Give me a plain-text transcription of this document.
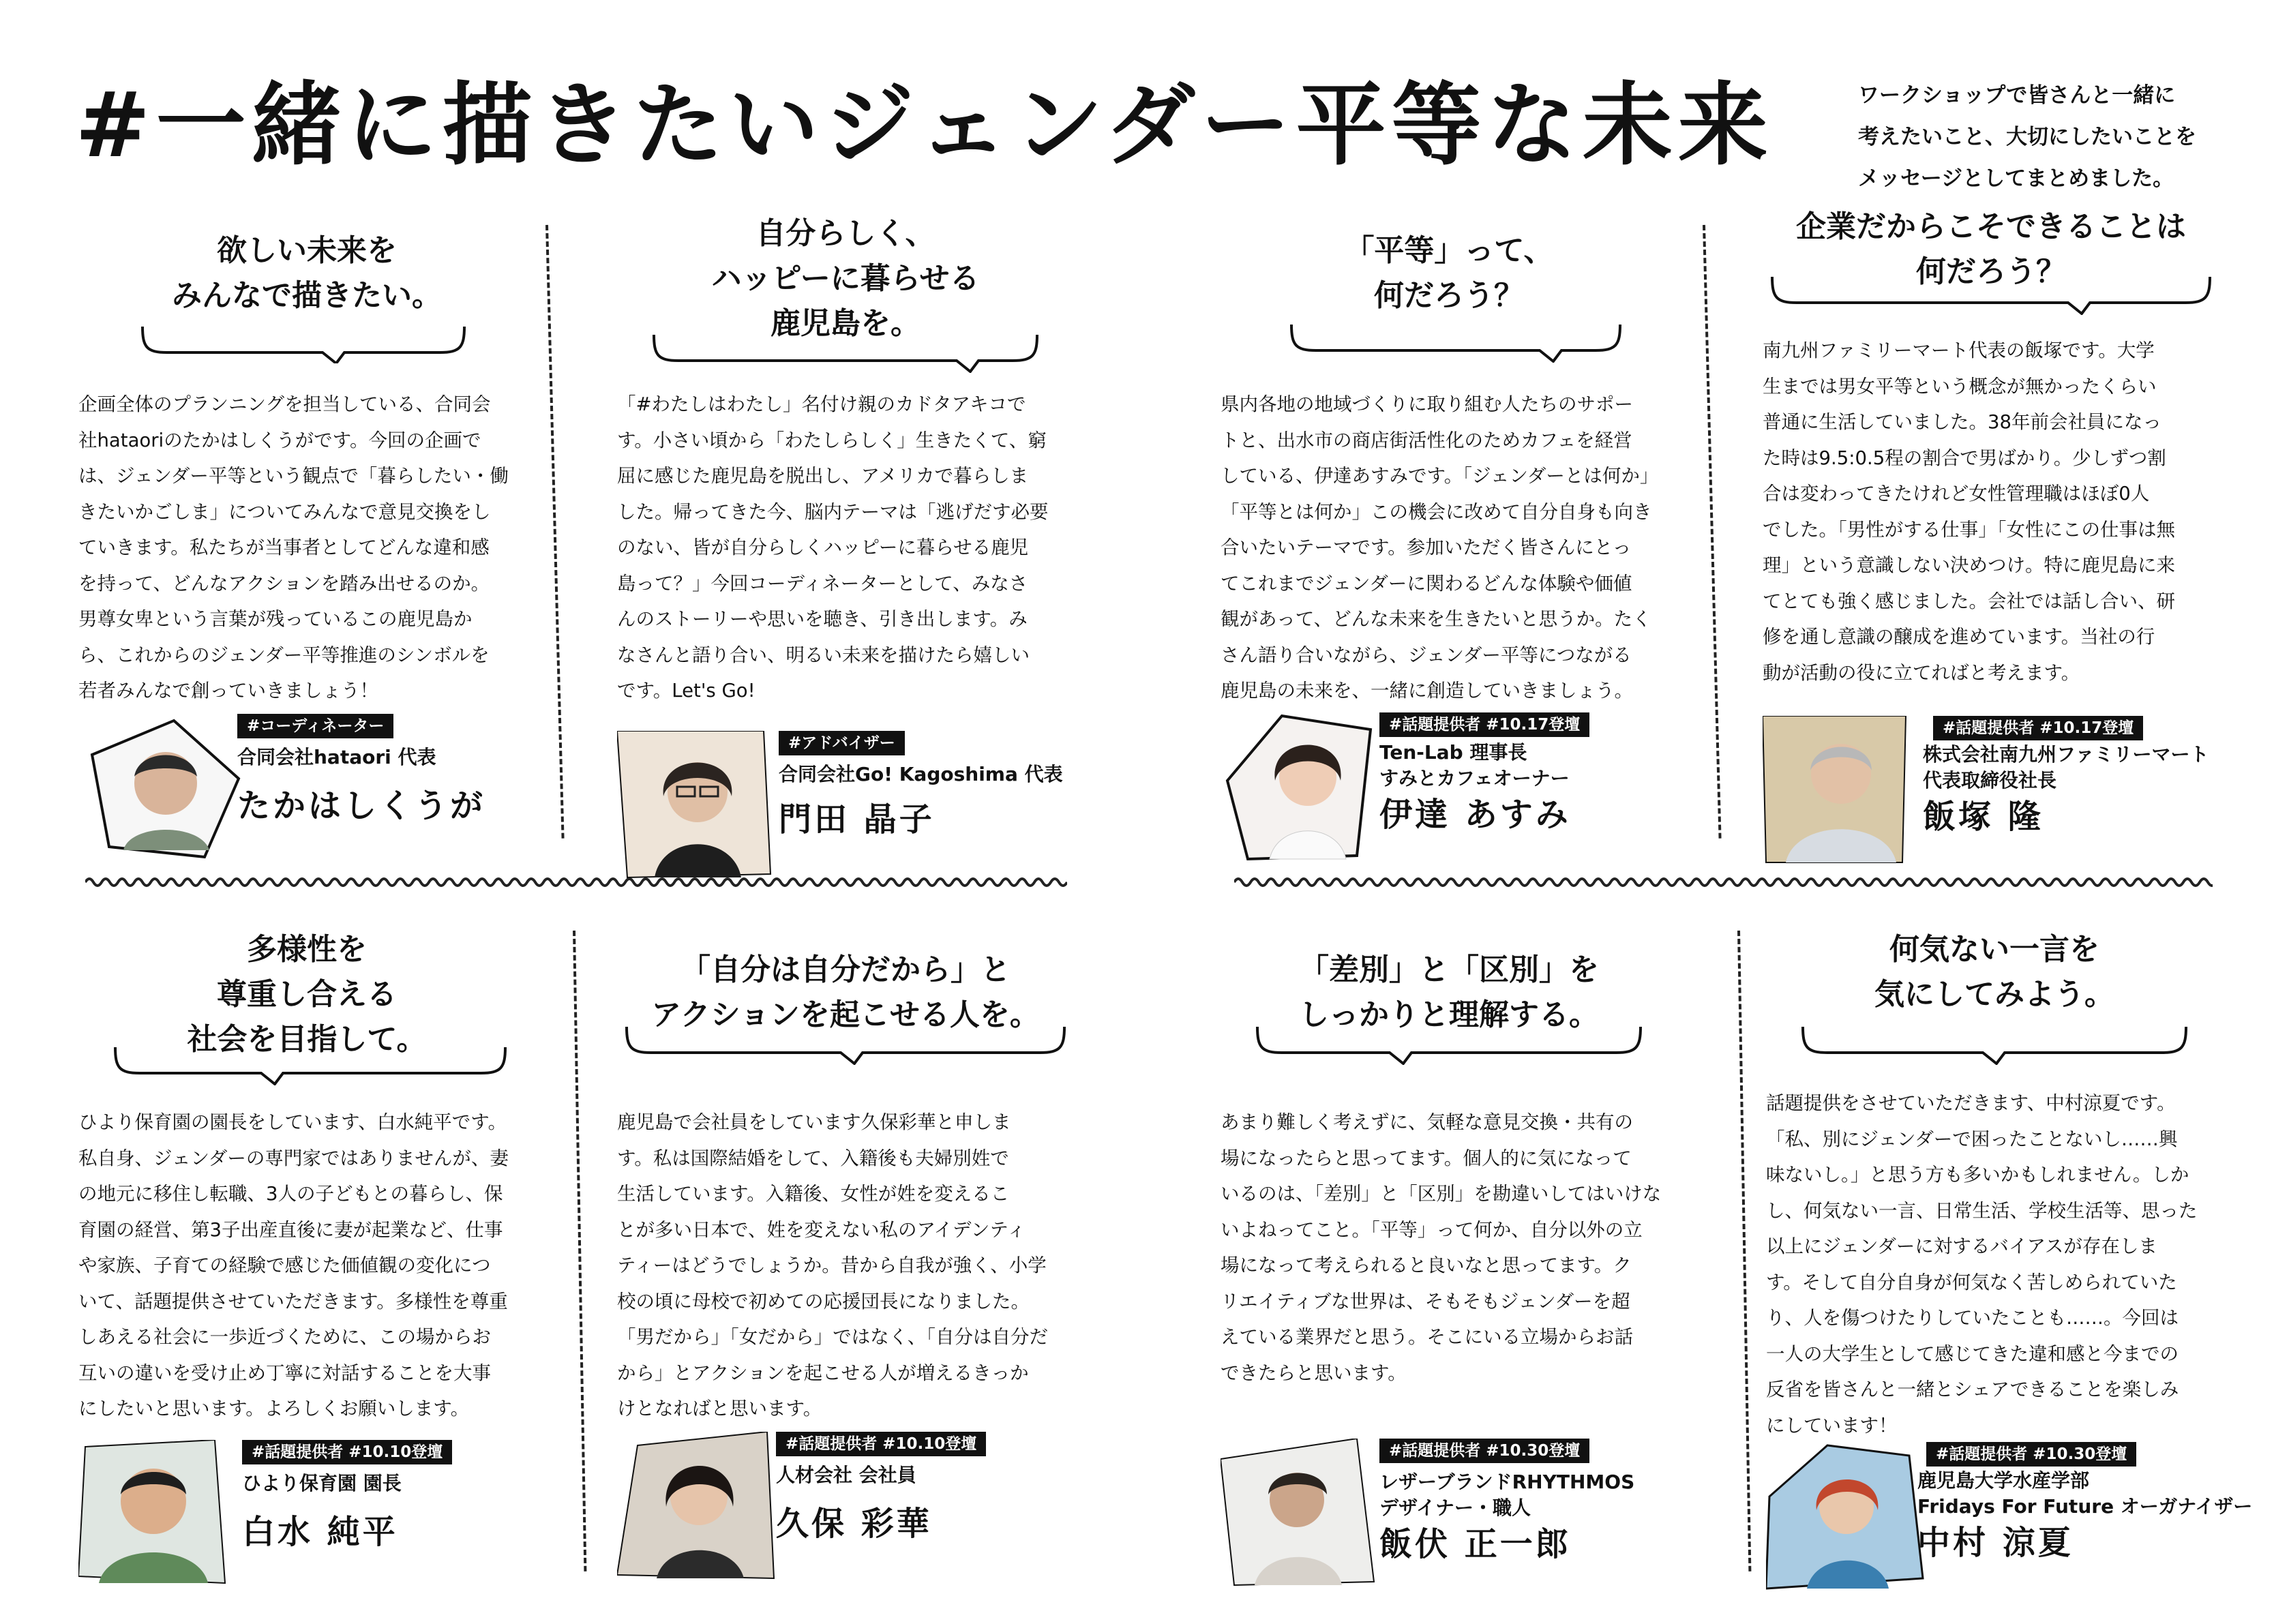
#一緒に描きたいジェンダー平等な未来	ワークショップで皆さんと一緒に
考えたいこと、大切にしたいことを
メッセージとしてまとめました。
欲しい未来を
みんなで描きたい。

企画全体のプランニングを担当している、合同会
社hataoriのたかはしくうがです。今回の企画で
は、ジェンダー平等という観点で「暮らしたい・働
きたいかごしま」についてみんなで意見交換をし
ていきます。私たちが当事者としてどんな違和感
を持って、どんなアクションを踏み出せるのか。
男尊女卑という言葉が残っているこの鹿児島か
ら、これからのジェンダー平等推進のシンボルを
若者みんなで創っていきましょう！

#コーディネーター
合同会社hataori 代表
たかはしくうが
自分らしく、
ハッピーに暮らせる
鹿児島を。

「#わたしはわたし」名付け親のカドタアキコで
す。小さい頃から「わたしらしく」生きたくて、窮
屈に感じた鹿児島を脱出し、アメリカで暮らしま
した。帰ってきた今、脳内テーマは「逃げだす必要
のない、皆が自分らしくハッピーに暮らせる鹿児
島って？」今回コーディネーターとして、みなさ
んのストーリーや思いを聴き、引き出します。み
なさんと語り合い、明るい未来を描けたら嬉しい
です。Let's Go!

#アドバイザー
合同会社Go! Kagoshima 代表
門田 晶子
「平等」って、
何だろう？

県内各地の地域づくりに取り組む人たちのサポー
トと、出水市の商店街活性化のためカフェを経営
している、伊達あすみです。「ジェンダーとは何か」
「平等とは何か」この機会に改めて自分自身も向き
合いたいテーマです。参加いただく皆さんにとっ
てこれまでジェンダーに関わるどんな体験や価値
観があって、どんな未来を生きたいと思うか。たく
さん語り合いながら、ジェンダー平等につながる
鹿児島の未来を、一緒に創造していきましょう。

#話題提供者 #10.17登壇
Ten-Lab 理事長
すみとカフェオーナー
伊達 あすみ
企業だからこそできることは
何だろう？

南九州ファミリーマート代表の飯塚です。大学
生までは男女平等という概念が無かったくらい
普通に生活していました。38年前会社員になっ
た時は9.5:0.5程の割合で男ばかり。少しずつ割
合は変わってきたけれど女性管理職はほぼ0人
でした。「男性がする仕事」「女性にこの仕事は無
理」という意識しない決めつけ。特に鹿児島に来
てとても強く感じました。会社では話し合い、研
修を通し意識の醸成を進めています。当社の行
動が活動の役に立てればと考えます。

#話題提供者 #10.17登壇
株式会社南九州ファミリーマート
代表取締役社長
飯塚 隆
多様性を
尊重し合える
社会を目指して。

ひより保育園の園長をしています、白水純平です。
私自身、ジェンダーの専門家ではありませんが、妻
の地元に移住し転職、3人の子どもとの暮らし、保
育園の経営、第3子出産直後に妻が起業など、仕事
や家族、子育ての経験で感じた価値観の変化につ
いて、話題提供させていただきます。多様性を尊重
しあえる社会に一歩近づくために、この場からお
互いの違いを受け止め丁寧に対話することを大事
にしたいと思います。よろしくお願いします。

#話題提供者 #10.10登壇
ひより保育園 園長
白水 純平
「自分は自分だから」と
アクションを起こせる人を。

鹿児島で会社員をしています久保彩華と申しま
す。私は国際結婚をして、入籍後も夫婦別姓で
生活しています。入籍後、女性が姓を変えるこ
とが多い日本で、姓を変えない私のアイデンティ
ティーはどうでしょうか。昔から自我が強く、小学
校の頃に母校で初めての応援団長になりました。
「男だから」「女だから」ではなく、「自分は自分だ
から」とアクションを起こせる人が増えるきっか
けとなればと思います。

#話題提供者 #10.10登壇
人材会社 会社員
久保 彩華
「差別」と「区別」を
しっかりと理解する。

あまり難しく考えずに、気軽な意見交換・共有の
場になったらと思ってます。個人的に気になって
いるのは、「差別」と「区別」を勘違いしてはいけな
いよねってこと。「平等」って何か、自分以外の立
場になって考えられると良いなと思ってます。ク
リエイティブな世界は、そもそもジェンダーを超
えている業界だと思う。そこにいる立場からお話
できたらと思います。

#話題提供者 #10.30登壇
レザーブランドRHYTHMOS
デザイナー・職人
飯伏 正一郎
何気ない一言を
気にしてみよう。

話題提供をさせていただきます、中村涼夏です。
「私、別にジェンダーで困ったことないし……興
味ないし。」と思う方も多いかもしれません。しか
し、何気ない一言、日常生活、学校生活等、思った
以上にジェンダーに対するバイアスが存在しま
す。そして自分自身が何気なく苦しめられていた
り、人を傷つけたりしていたことも……。今回は
一人の大学生として感じてきた違和感と今までの
反省を皆さんと一緒とシェアできることを楽しみ
にしています！

#話題提供者 #10.30登壇
鹿児島大学水産学部
Fridays For Future オーガナイザー
中村 涼夏
